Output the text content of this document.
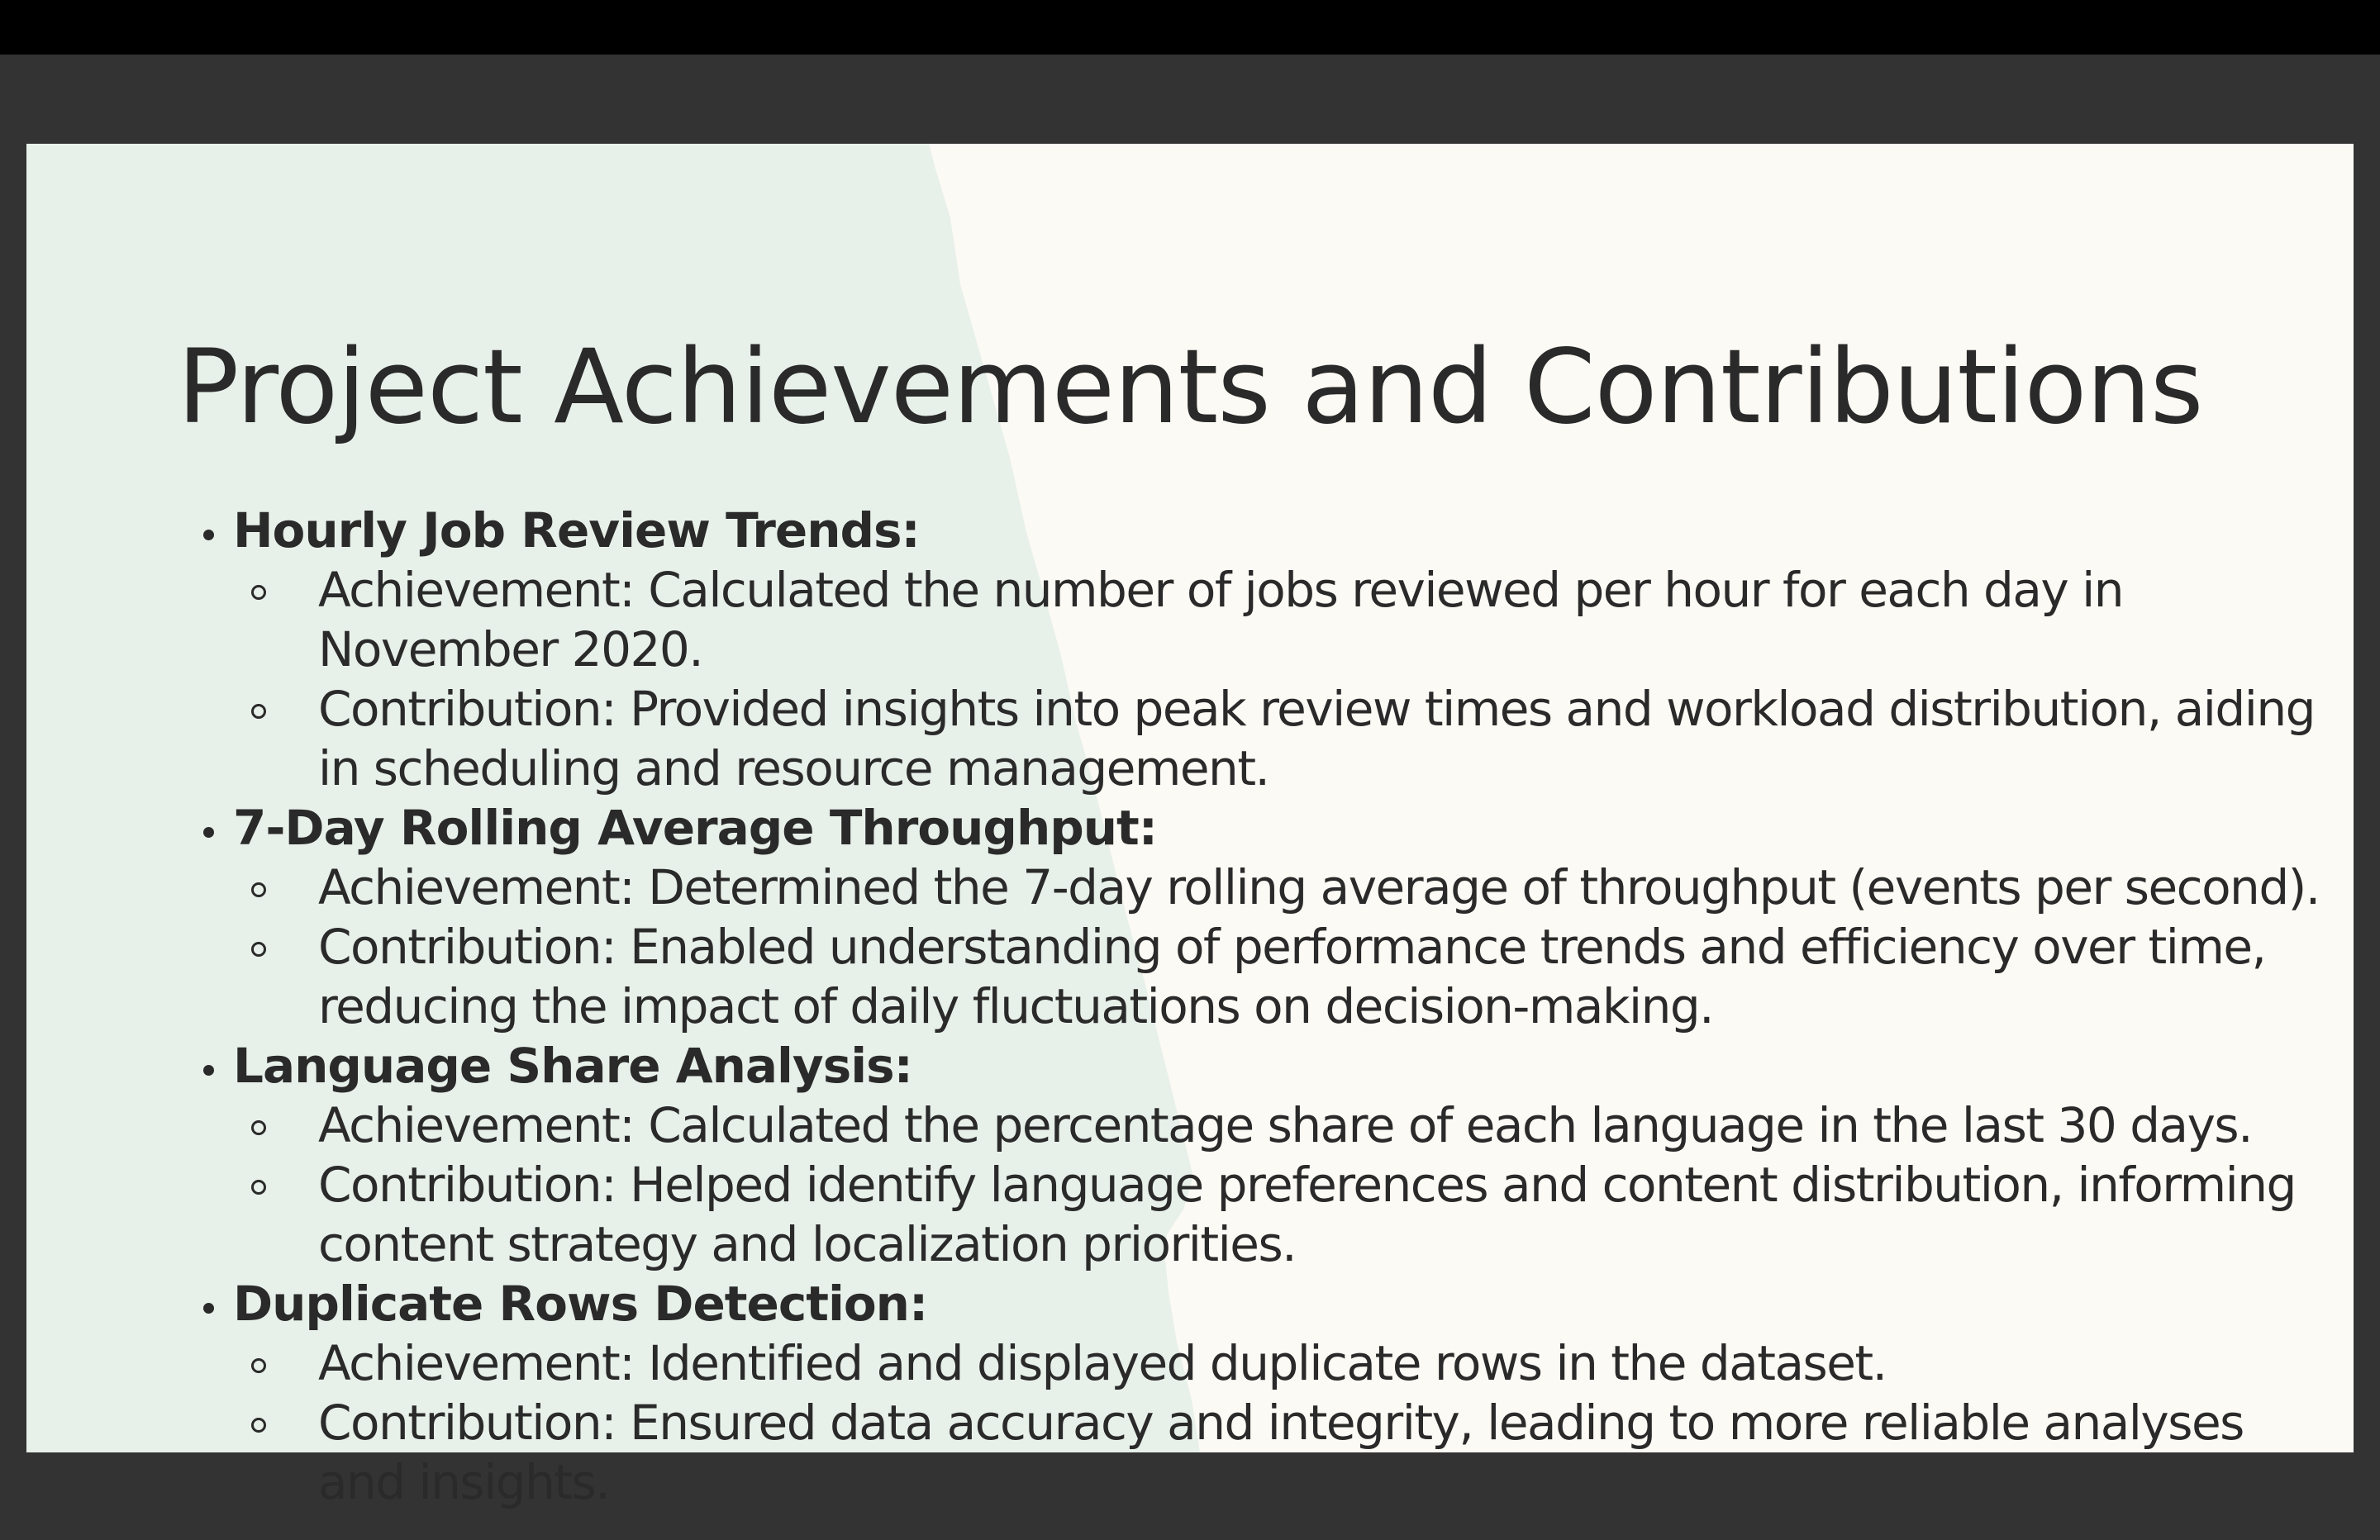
Project Achievements and Contributions
Hourly Job Review Trends:
Achievement: Calculated the number of jobs reviewed per hour for each day in November 2020.
Contribution: Provided insights into peak review times and workload distribution, aiding in scheduling and resource management.
7-Day Rolling Average Throughput:
Achievement: Determined the 7-day rolling average of throughput (events per second).
Contribution: Enabled understanding of performance trends and efficiency over time, reducing the impact of daily fluctuations on decision-making.
Language Share Analysis:
Achievement: Calculated the percentage share of each language in the last 30 days.
Contribution: Helped identify language preferences and content distribution, informing content strategy and localization priorities.
Duplicate Rows Detection:
Achievement: Identified and displayed duplicate rows in the dataset.
Contribution: Ensured data accuracy and integrity, leading to more reliable analyses and insights.
